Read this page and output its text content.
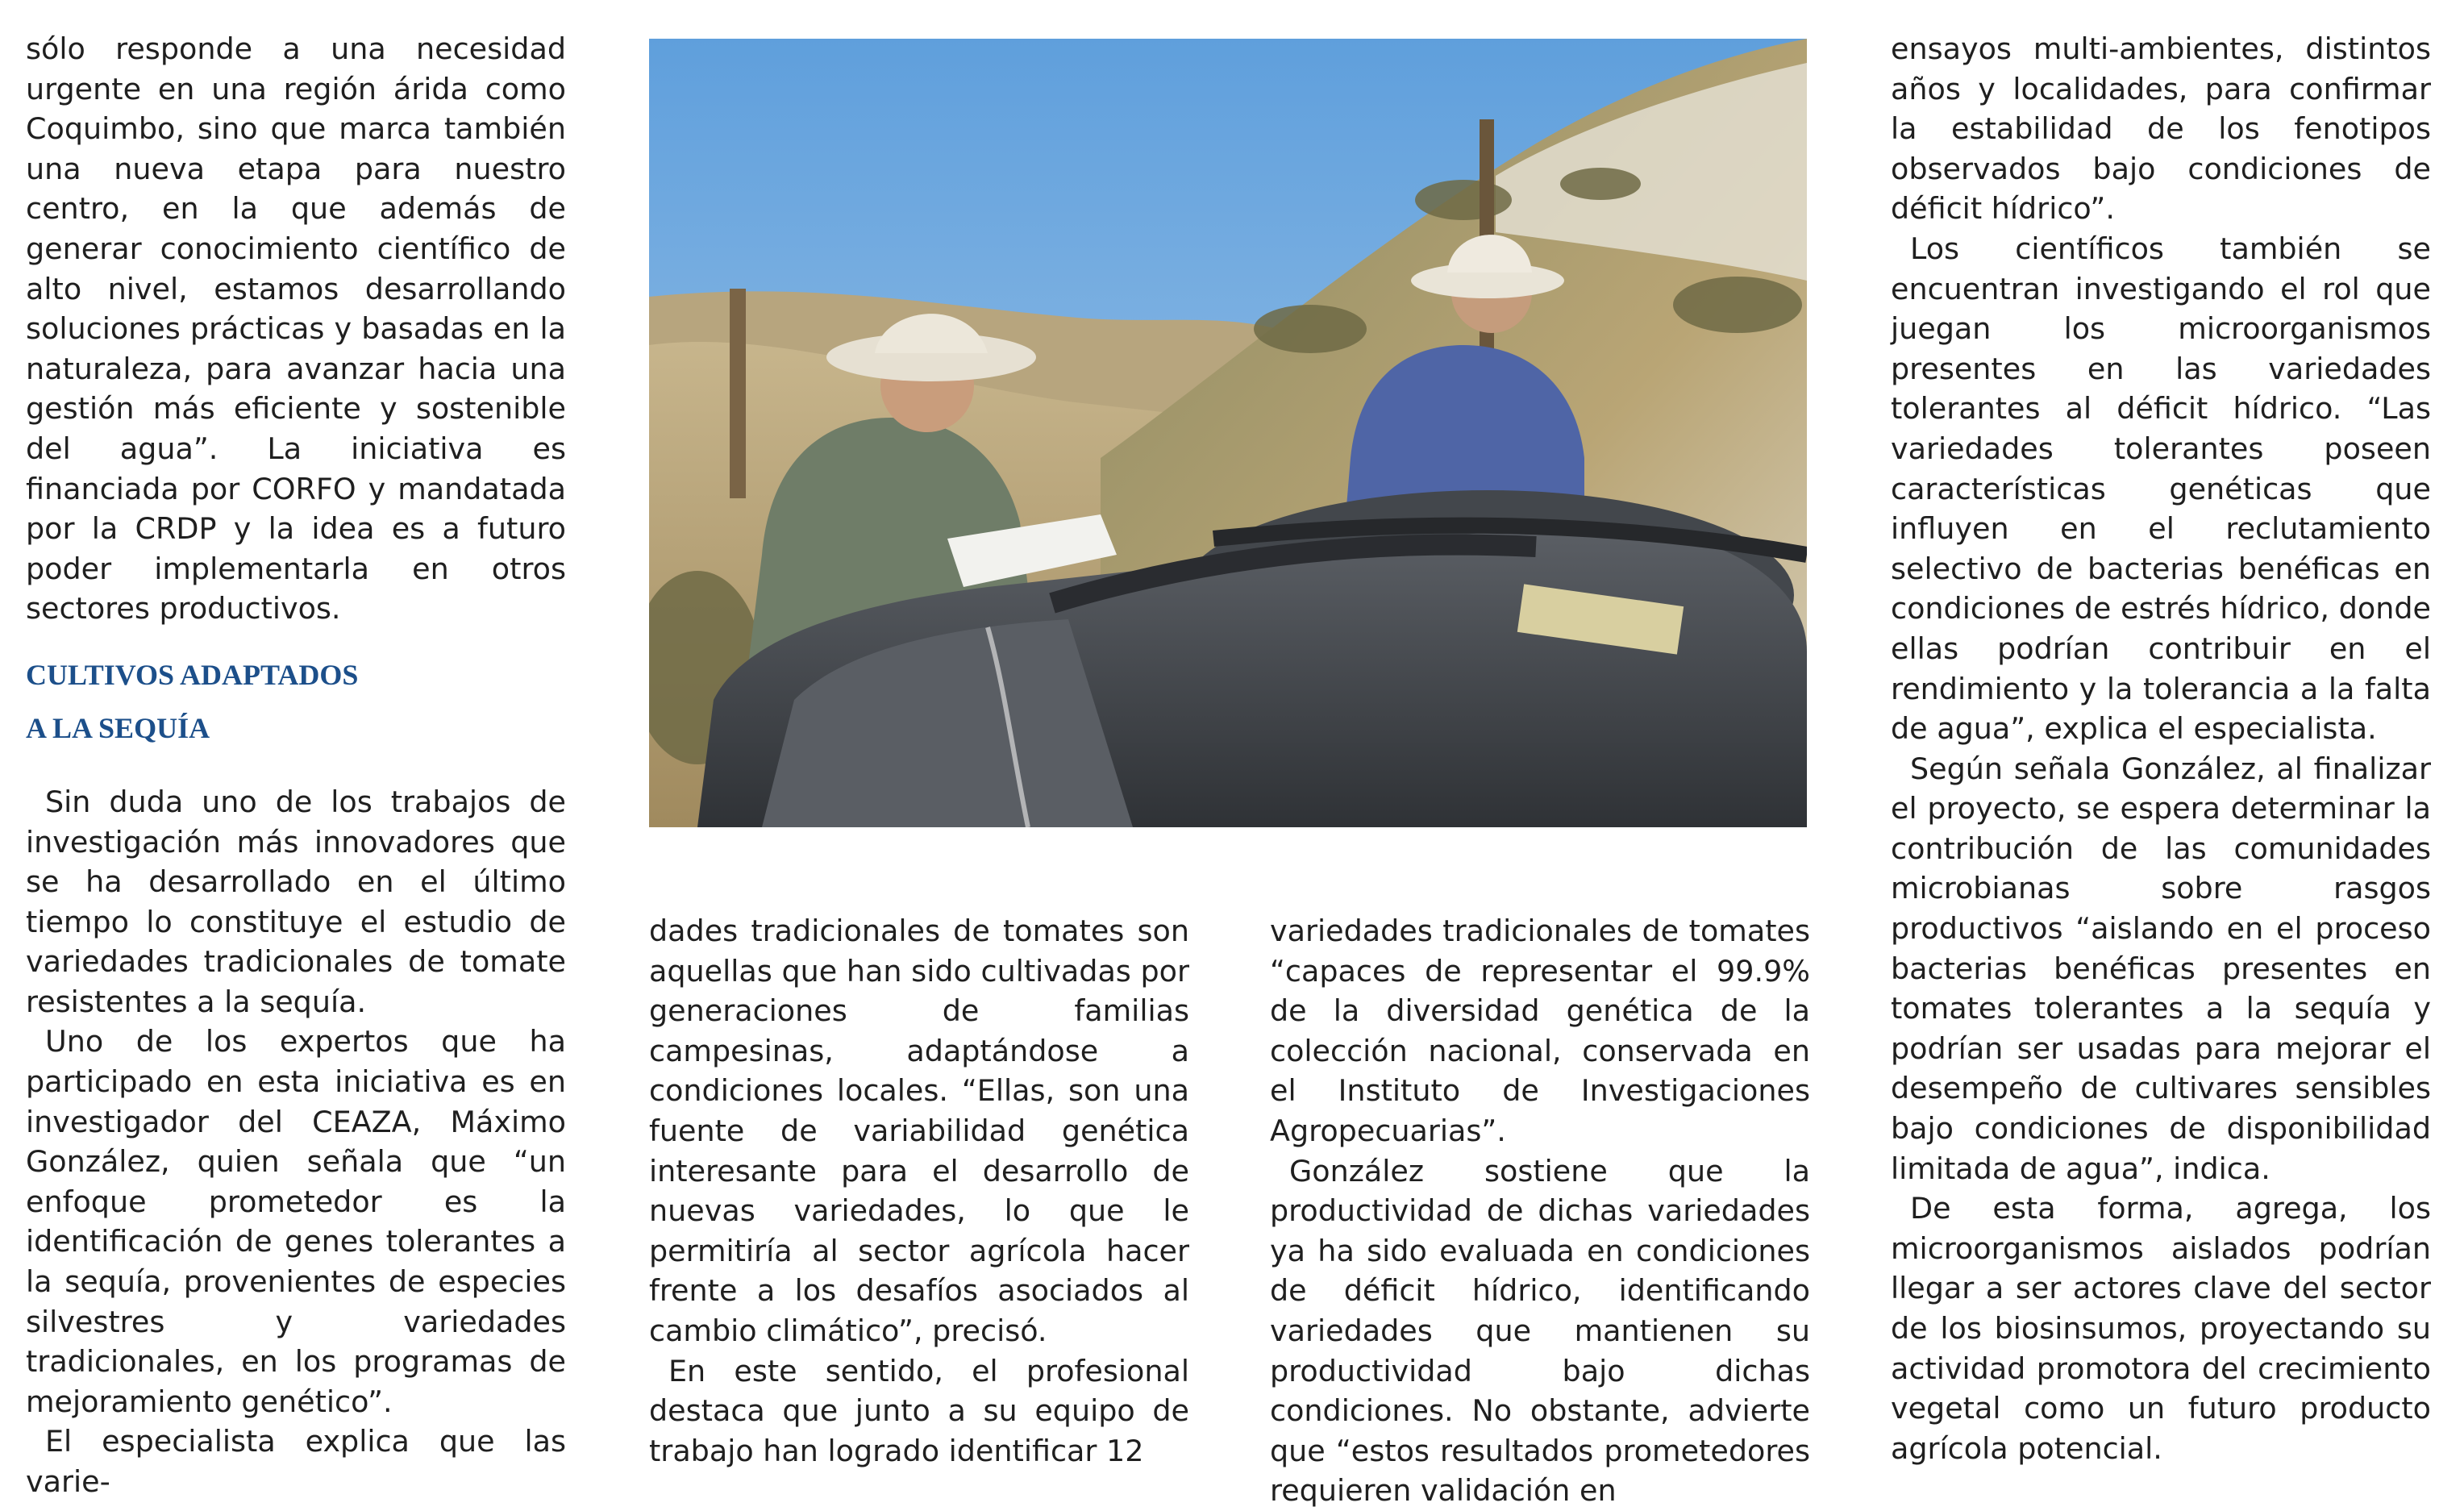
sólo responde a una necesidad urgente en una región árida como Coquimbo, sino que marca también una nueva etapa para nuestro centro, en la que además de generar conocimiento científico de alto nivel, estamos desarrollando soluciones prácticas y basadas en la naturaleza, para avanzar hacia una gestión más eficiente y sostenible del agua”. La iniciativa es financiada por CORFO y mandatada por la CRDP y la idea es a futuro poder implementarla en otros sectores productivos.

CULTIVOS ADAPTADOS
A LA SEQUÍA

Sin duda uno de los trabajos de investigación más innovadores que se ha desarrollado en el último tiempo lo constituye el estudio de variedades tradicionales de tomate resistentes a la sequía.

Uno de los expertos que ha participado en esta iniciativa es en investigador del CEAZA, Máximo González, quien señala que “un enfoque prometedor es la identificación de genes tolerantes a la sequía, provenientes de especies silvestres y variedades tradicionales, en los programas de mejoramiento genético”.

El especialista explica que las varie-

dades tradicionales de tomates son aquellas que han sido cultivadas por generaciones de familias campesinas, adaptándose a condiciones locales. “Ellas, son una fuente de variabilidad genética interesante para el desarrollo de nuevas variedades, lo que le permitiría al sector agrícola hacer frente a los desafíos asociados al cambio climático”, precisó.

En este sentido, el profesional destaca que junto a su equipo de trabajo han logrado identificar 12

variedades tradicionales de tomates “capaces de representar el 99.9% de la diversidad genética de la colección nacional, conservada en el Instituto de Investigaciones Agropecuarias”.

González sostiene que la productividad de dichas variedades ya ha sido evaluada en condiciones de déficit hídrico, identificando variedades que mantienen su productividad bajo dichas condiciones. No obstante, advierte que “estos resultados prometedores requieren validación en

ensayos multi-ambientes, distintos años y localidades, para confirmar la estabilidad de los fenotipos observados bajo condiciones de déficit hídrico”.

Los científicos también se encuentran investigando el rol que juegan los microorganismos presentes en las variedades tolerantes al déficit hídrico. “Las variedades tolerantes poseen características genéticas que influyen en el reclutamiento selectivo de bacterias benéficas en condiciones de estrés hídrico, donde ellas podrían contribuir en el rendimiento y la tolerancia a la falta de agua”, explica el especialista.

Según señala González, al finalizar el proyecto, se espera determinar la contribución de las comunidades microbianas sobre rasgos productivos “aislando en el proceso bacterias benéficas presentes en tomates tolerantes a la sequía y podrían ser usadas para mejorar el desempeño de cultivares sensibles bajo condiciones de disponibilidad limitada de agua”, indica.

De esta forma, agrega, los microorganismos aislados podrían llegar a ser actores clave del sector de los biosinsumos, proyectando su actividad promotora del crecimiento vegetal como un futuro producto agrícola potencial.
